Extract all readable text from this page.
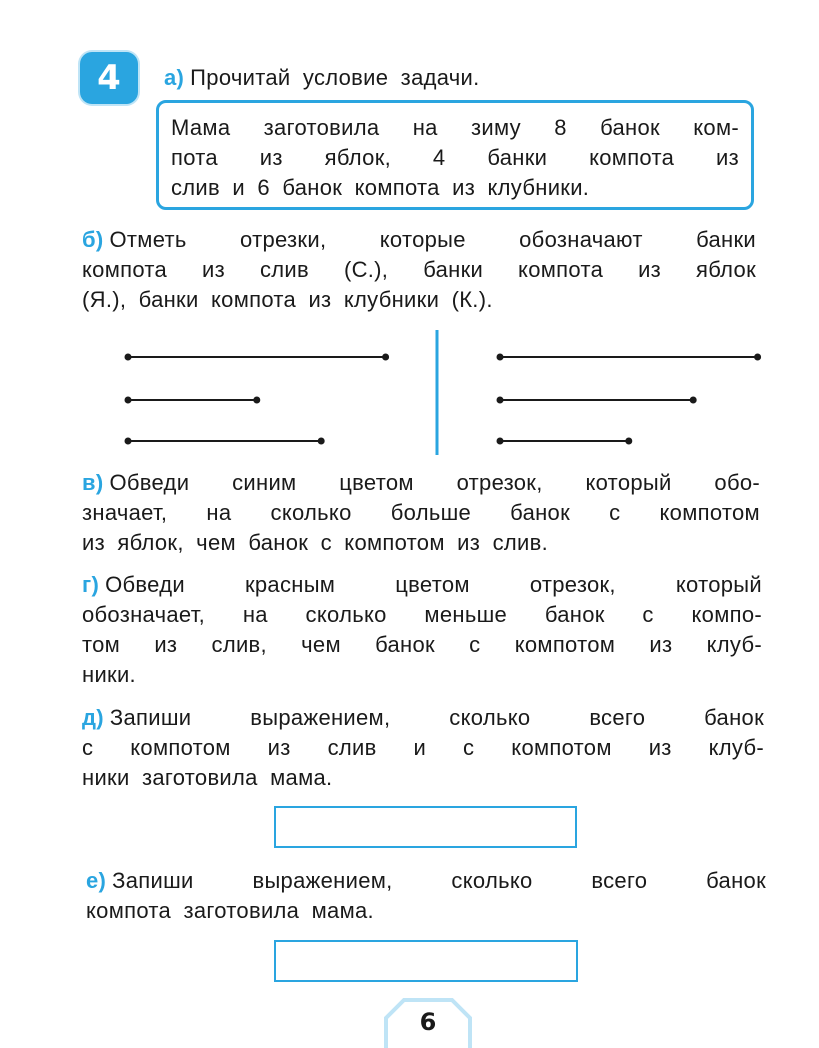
4 а) Прочитай условие задачи.

Мама заготовила на зиму 8 банок ком-
пота из яблок, 4 банки компота из
слив и 6 банок компота из клубники.

б) Отметь отрезки, которые обозначают банки
компота из слив (С.), банки компота из яблок
(Я.), банки компота из клубники (К.).

в) Обведи синим цветом отрезок, который обо-
значает, на сколько больше банок с компотом
из яблок, чем банок с компотом из слив.

г) Обведи красным цветом отрезок, который
обозначает, на сколько меньше банок с компо-
том из слив, чем банок с компотом из клуб-
ники.

д) Запиши выражением, сколько всего банок
с компотом из слив и с компотом из клуб-
ники заготовила мама.

е) Запиши выражением, сколько всего банок
компота заготовила мама.

6
